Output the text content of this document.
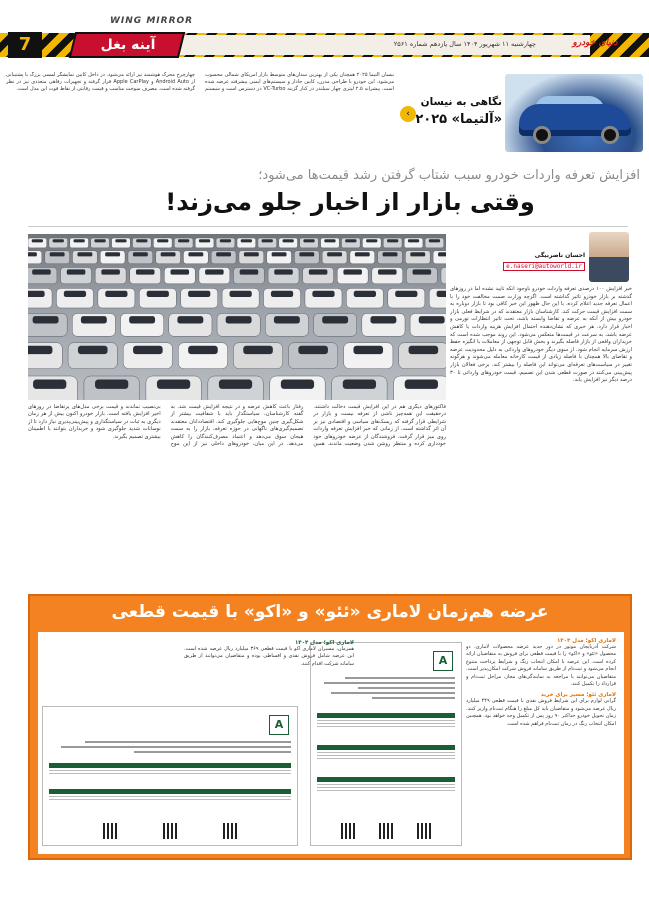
7	آینه بغل
WING MIRROR
چهارشنبه ۱۱ شهریور ۱۴۰۴ سال یازدهم شماره ۲۵۶۱	دنیای خودرو
نگاهی به نیسان
«آلتیما» ۲۰۲۵
‹
نیسان آلتیما ۲۰۲۵ همچنان یکی از بهترین سدان‌های متوسط بازار آمریکای شمالی محسوب می‌شود. این خودرو با طراحی مدرن، کابین جادار و سیستم‌های ایمنی پیشرفته عرضه شده است. پیشرانه ۲.۵ لیتری چهار سیلندر در کنار گزینه VC-Turbo در دسترس است و سیستم چهارچرخ محرک هوشمند نیز ارائه می‌شود. در داخل کابین نمایشگر لمسی بزرگ با پشتیبانی از Android Auto و Apple CarPlay قرار گرفته و تجهیزات رفاهی متعددی نیز در نظر گرفته شده است. مصرف سوخت مناسب و قیمت رقابتی از نقاط قوت این مدل است.
افزایش تعرفه واردات خودرو سبب شتاب گرفتن رشد قیمت‌ها می‌شود؛
وقتی بازار از اخبار جلو می‌زند!
احسان ناصربیگی
e.naseri@autoworld.ir
خبر افزایش ۱۰۰ درصدی تعرفه واردات خودرو باوجود آنکه تایید نشده اما در روزهای گذشته بر بازار خودرو تاثیر گذاشته است. اگرچه وزارت صمت مخالفت خود را با اعمال تعرفه جدید اعلام کرده، با این حال ظهور این خبر کافی بود تا بازار دوباره به سمت افزایش قیمت حرکت کند. کارشناسان بازار معتقدند که در شرایط فعلی بازار خودرو بیش از آنکه به عرضه و تقاضا وابسته باشد، تحت تاثیر انتظارات تورمی و اخبار قرار دارد. هر خبری که نشان‌دهنده احتمال افزایش هزینه واردات یا کاهش عرضه باشد، به سرعت در قیمت‌ها منعکس می‌شود. این روند موجب شده است که خریداران واقعی از بازار فاصله بگیرند و بخش قابل توجهی از معاملات با انگیزه حفظ ارزش سرمایه انجام شود. از سوی دیگر خودروهای وارداتی به دلیل محدودیت عرضه و تقاضای بالا همچنان با فاصله زیادی از قیمت کارخانه معامله می‌شوند و هرگونه تغییر در سیاست‌های تعرفه‌ای می‌تواند این فاصله را بیشتر کند. برخی فعالان بازار پیش‌بینی می‌کنند در صورت قطعی شدن این تصمیم، قیمت خودروهای وارداتی تا ۳۰ درصد دیگر نیز افزایش یابد.
فاکتورهای دیگری هم در این افزایش قیمت دخالت داشتند. درحقیقت این همه‌چیز ناشی از تعرفه نیست و بازار در شرایطی قرار گرفته که ریسک‌های سیاسی و اقتصادی نیز بر آن اثر گذاشته است. از زمانی که خبر افزایش تعرفه واردات روی میز قرار گرفت، فروشندگان از عرضه خودروهای خود خودداری کرده و منتظر روشن شدن وضعیت ماندند. همین رفتار باعث کاهش عرضه و در نتیجه افزایش قیمت شد. به گفته کارشناسان، سیاستگذار باید با شفافیت بیشتر از شکل‌گیری چنین موج‌هایی جلوگیری کند. اقتصاددانان معتقدند تصمیم‌گیری‌های ناگهانی در حوزه تعرفه، بازار را به سمت هیجان سوق می‌دهد و اعتماد مصرف‌کنندگان را کاهش می‌دهد. در این میان، خودروهای داخلی نیز از این موج بی‌نصیب نماندند و قیمت برخی مدل‌های پرتقاضا در روزهای اخیر افزایش یافته است. بازار خودرو اکنون بیش از هر زمان دیگری به ثبات در سیاستگذاری و پیش‌بینی‌پذیری نیاز دارد تا از نوسانات شدید جلوگیری شود و خریداران بتوانند با اطمینان بیشتری تصمیم بگیرند.
عرضه هم‌زمان لاماری «ئئو» و «اکو» با قیمت قطعی
لاماری اکو؛ مدل ۱۴۰۴
شرکت آذربایجان موتور در دور جدید عرضه محصولات لاماری، دو محصول «ئئو» و «اکو» را با قیمت قطعی برای فروش به متقاضیان ارائه کرده است. این عرضه با امکان انتخاب رنگ و شرایط پرداخت متنوع انجام می‌شود و ثبت‌نام از طریق سامانه فروش شرکت امکان‌پذیر است. متقاضیان می‌توانند با مراجعه به نمایندگی‌های مجاز، مراحل ثبت‌نام و قرارداد را تکمیل کنند.
لاماری ئئو؛ مسیر برای خرید
گرانی لوازم برای این شرایط فروش نقدی با قیمت قطعی ۴۴۹ میلیارد ریال عرضه می‌شود و متقاضیان باید کل مبلغ را هنگام ثبت‌نام واریز کنند. زمان تحویل خودرو حداکثر ۹۰ روز پس از تکمیل وجه خواهد بود. همچنین امکان انتخاب رنگ در زمان ثبت‌نام فراهم شده است.
A
لاماری اکو؛ مدل ۱۴۰۴
همزمان، مسیران لاماری اکو با قیمت قطعی ۳۶۹ میلیارد ریال عرضه شده است. این عرضه شامل فروش نقدی و اقساطی بوده و متقاضیان می‌توانند از طریق سامانه شرکت اقدام کنند.
A
